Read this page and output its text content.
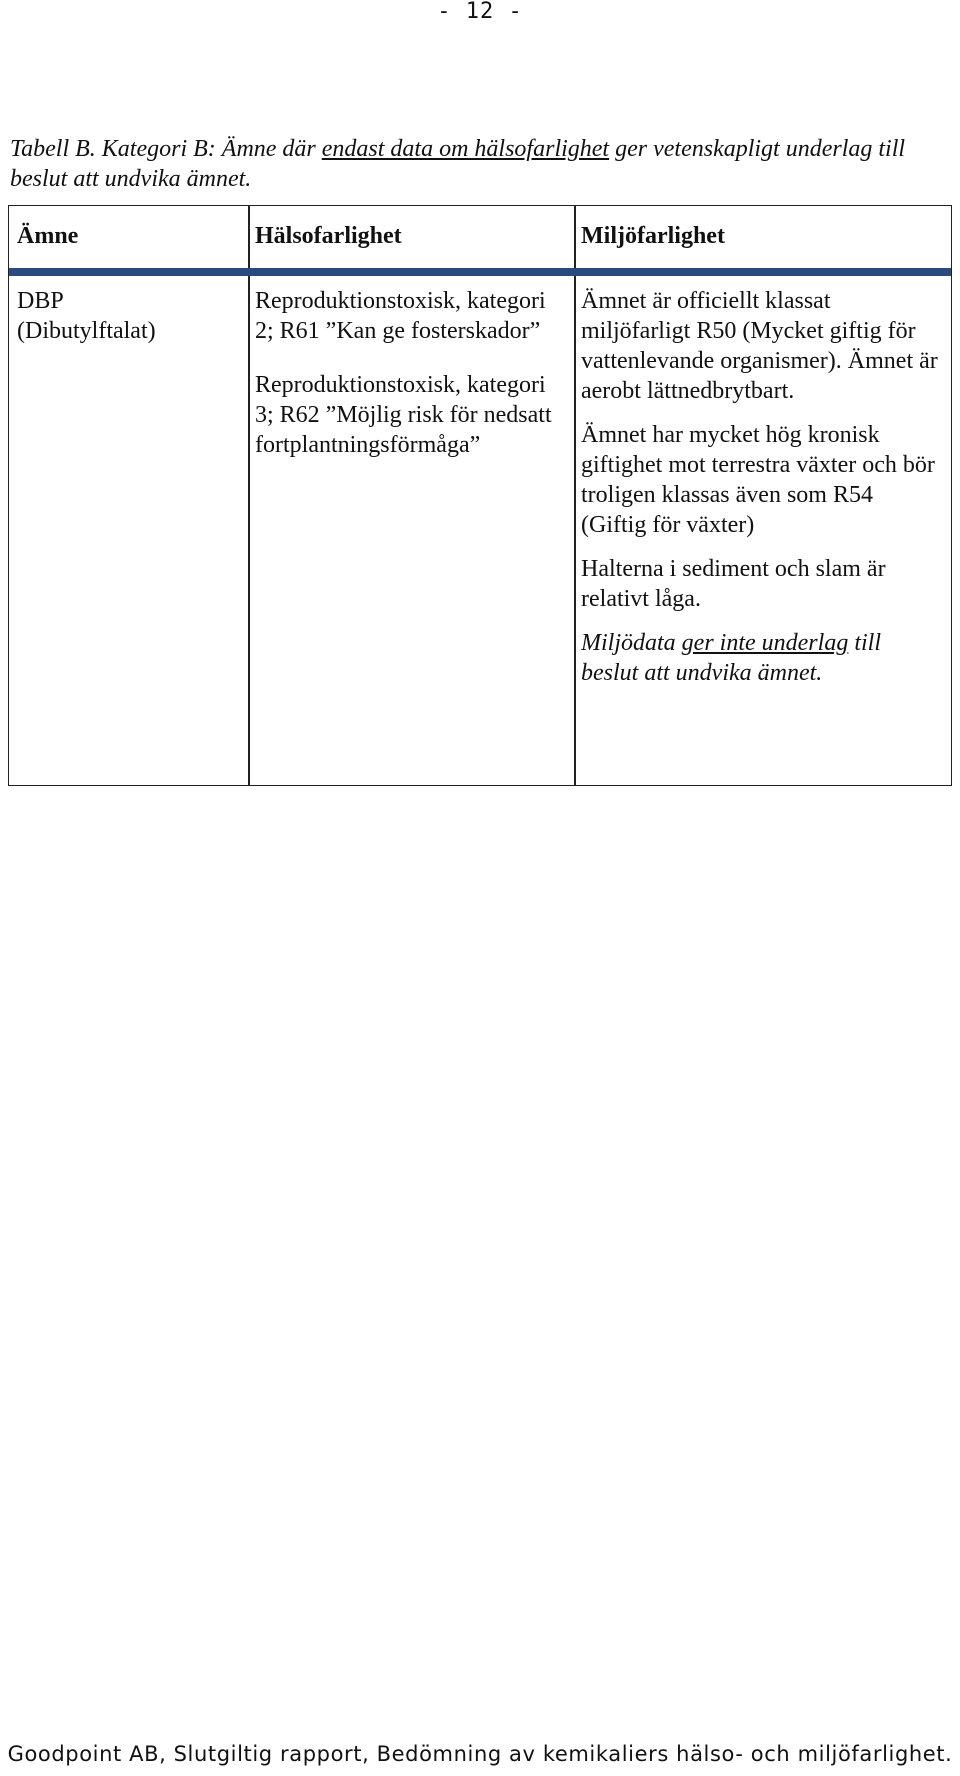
- 12 -
Tabell B. Kategori B: Ämne där endast data om hälsofarlighet ger vetenskapligt underlag till beslut att undvika ämnet.
Ämne	Hälsofarlighet	Miljöfarlighet

DBP

(Dibutylftalat)

Reproduktionstoxisk, kategori 2; R61 ”Kan ge fosterskador”

Reproduktionstoxisk, kategori 3; R62 ”Möjlig risk för nedsatt fortplantningsförmåga”

Ämnet är officiellt klassat miljöfarligt R50 (Mycket giftig för vattenlevande organismer). Ämnet är aerobt lättnedbrytbart.

Ämnet har mycket hög kronisk giftighet mot terrestra växter och bör troligen klassas även som R54 (Giftig för växter)

Halterna i sediment och slam är relativt låga.

Miljödata ger inte underlag till beslut att undvika ämnet.

Goodpoint AB, Slutgiltig rapport, Bedömning av kemikaliers hälso- och miljöfarlighet.
